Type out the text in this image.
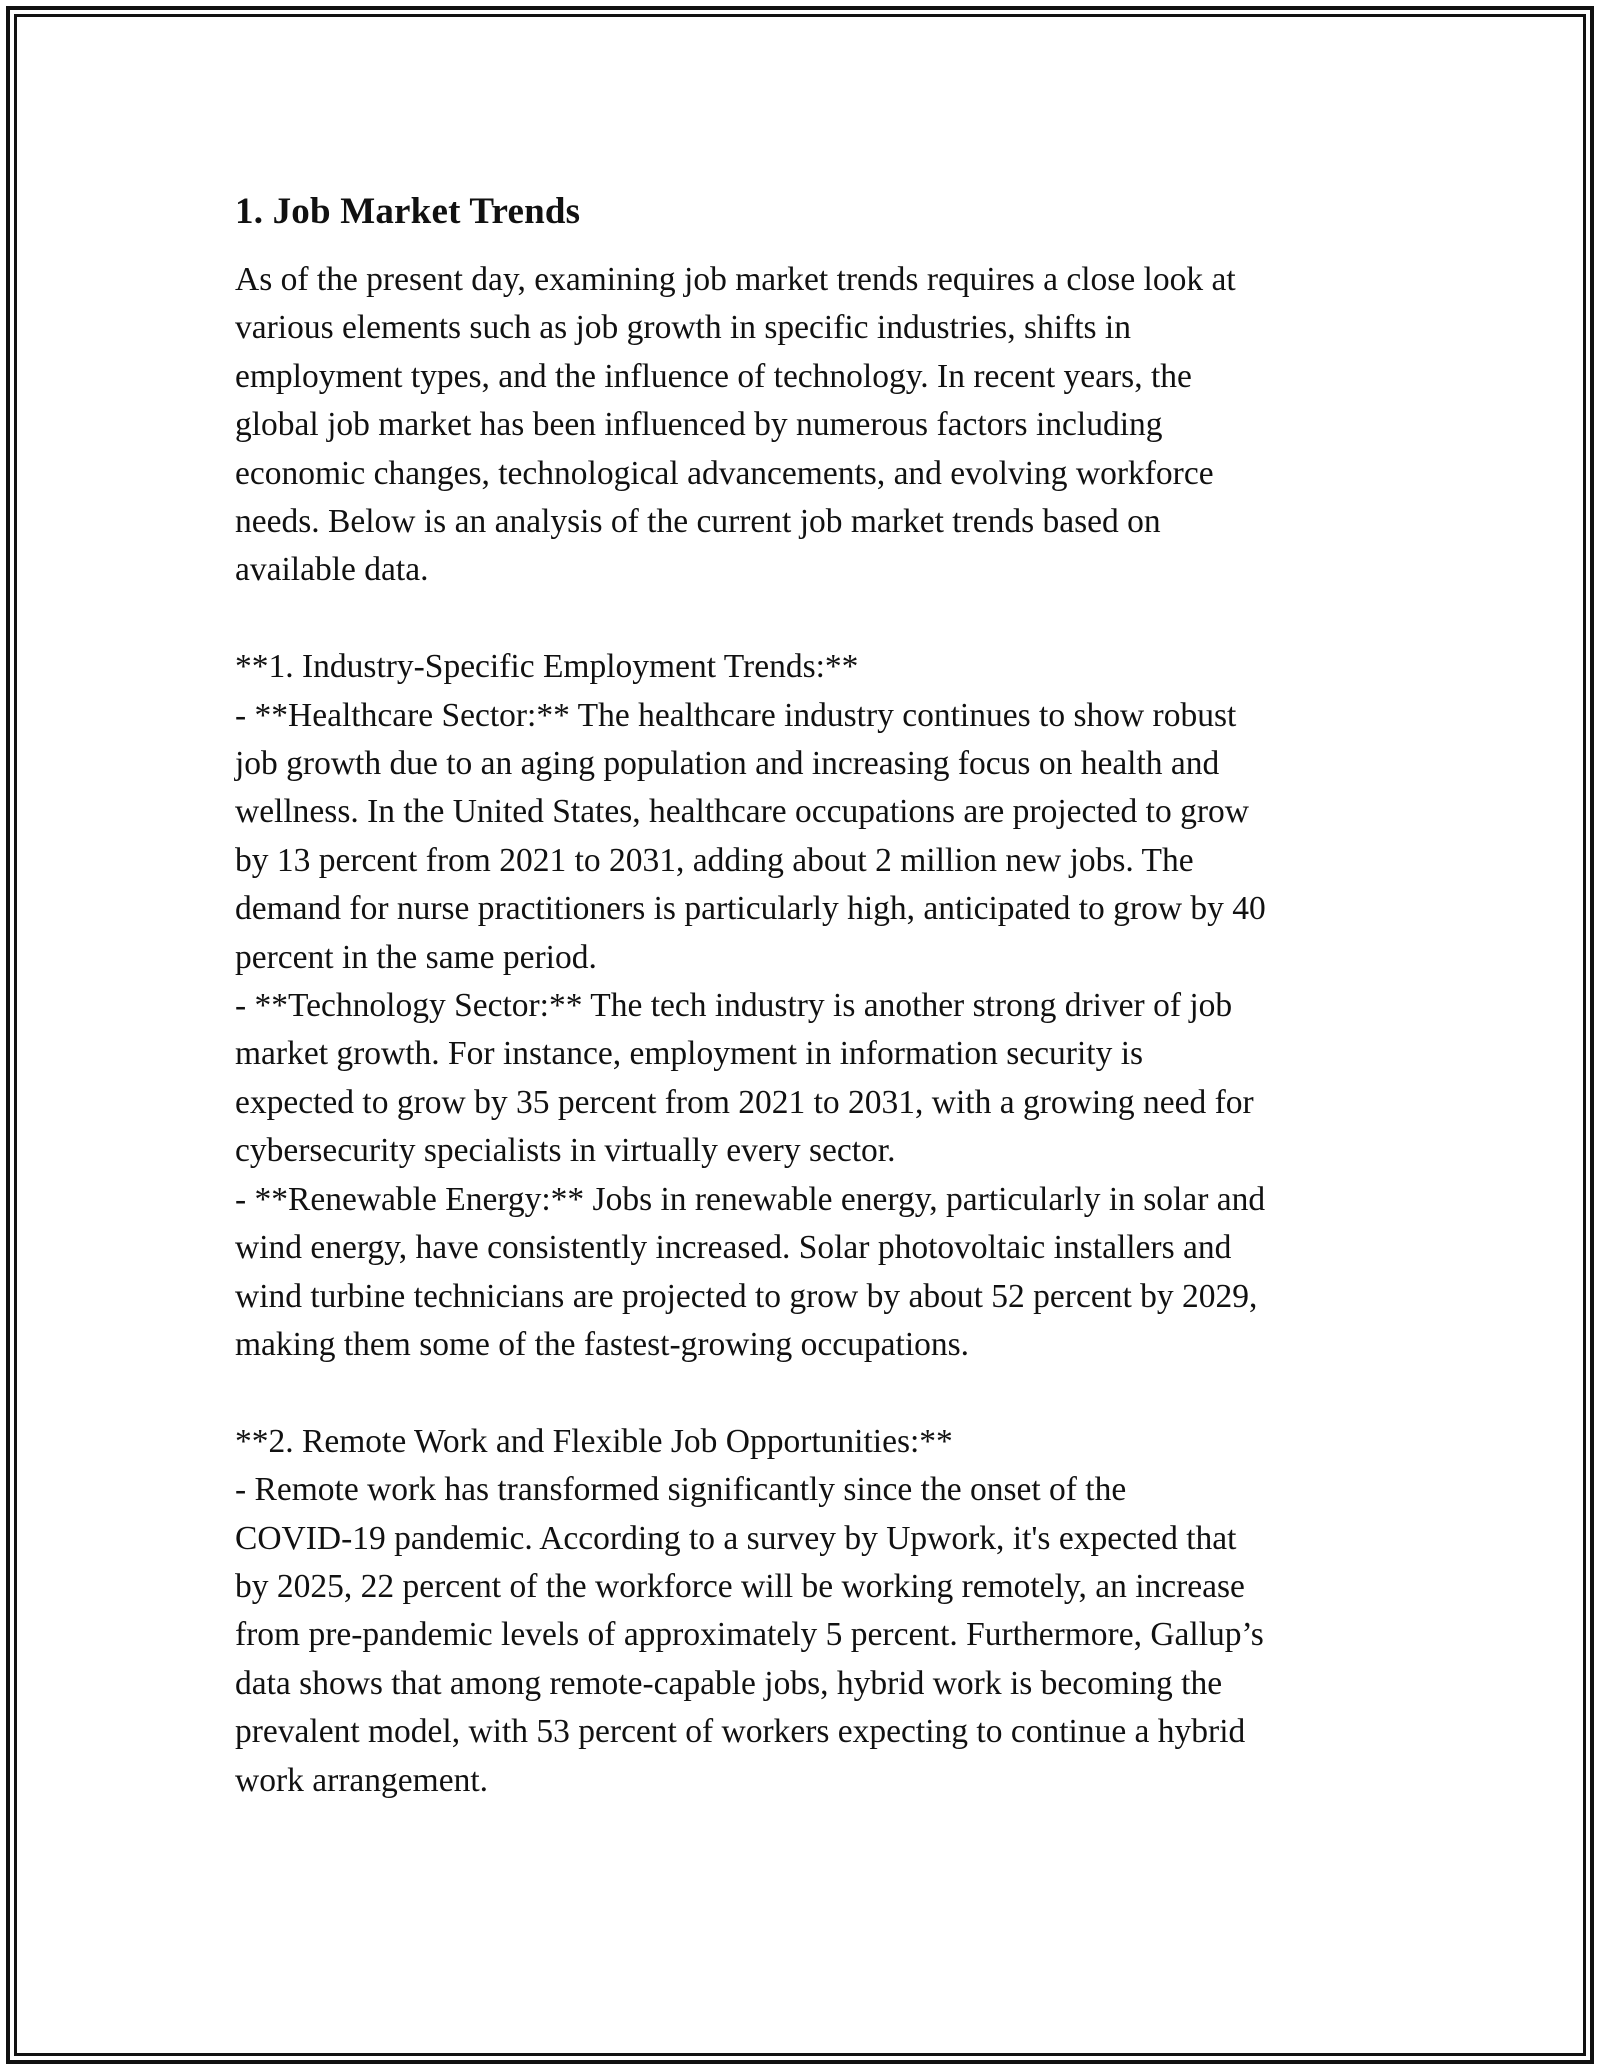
1. Job Market Trends
As of the present day, examining job market trends requires a close look at
various elements such as job growth in specific industries, shifts in
employment types, and the influence of technology. In recent years, the
global job market has been influenced by numerous factors including
economic changes, technological advancements, and evolving workforce
needs. Below is an analysis of the current job market trends based on
available data.
**1. Industry-Specific Employment Trends:**
- **Healthcare Sector:** The healthcare industry continues to show robust
job growth due to an aging population and increasing focus on health and
wellness. In the United States, healthcare occupations are projected to grow
by 13 percent from 2021 to 2031, adding about 2 million new jobs. The
demand for nurse practitioners is particularly high, anticipated to grow by 40
percent in the same period.
- **Technology Sector:** The tech industry is another strong driver of job
market growth. For instance, employment in information security is
expected to grow by 35 percent from 2021 to 2031, with a growing need for
cybersecurity specialists in virtually every sector.
- **Renewable Energy:** Jobs in renewable energy, particularly in solar and
wind energy, have consistently increased. Solar photovoltaic installers and
wind turbine technicians are projected to grow by about 52 percent by 2029,
making them some of the fastest-growing occupations.
**2. Remote Work and Flexible Job Opportunities:**
- Remote work has transformed significantly since the onset of the
COVID-19 pandemic. According to a survey by Upwork, it's expected that
by 2025, 22 percent of the workforce will be working remotely, an increase
from pre-pandemic levels of approximately 5 percent. Furthermore, Gallup’s
data shows that among remote-capable jobs, hybrid work is becoming the
prevalent model, with 53 percent of workers expecting to continue a hybrid
work arrangement.
